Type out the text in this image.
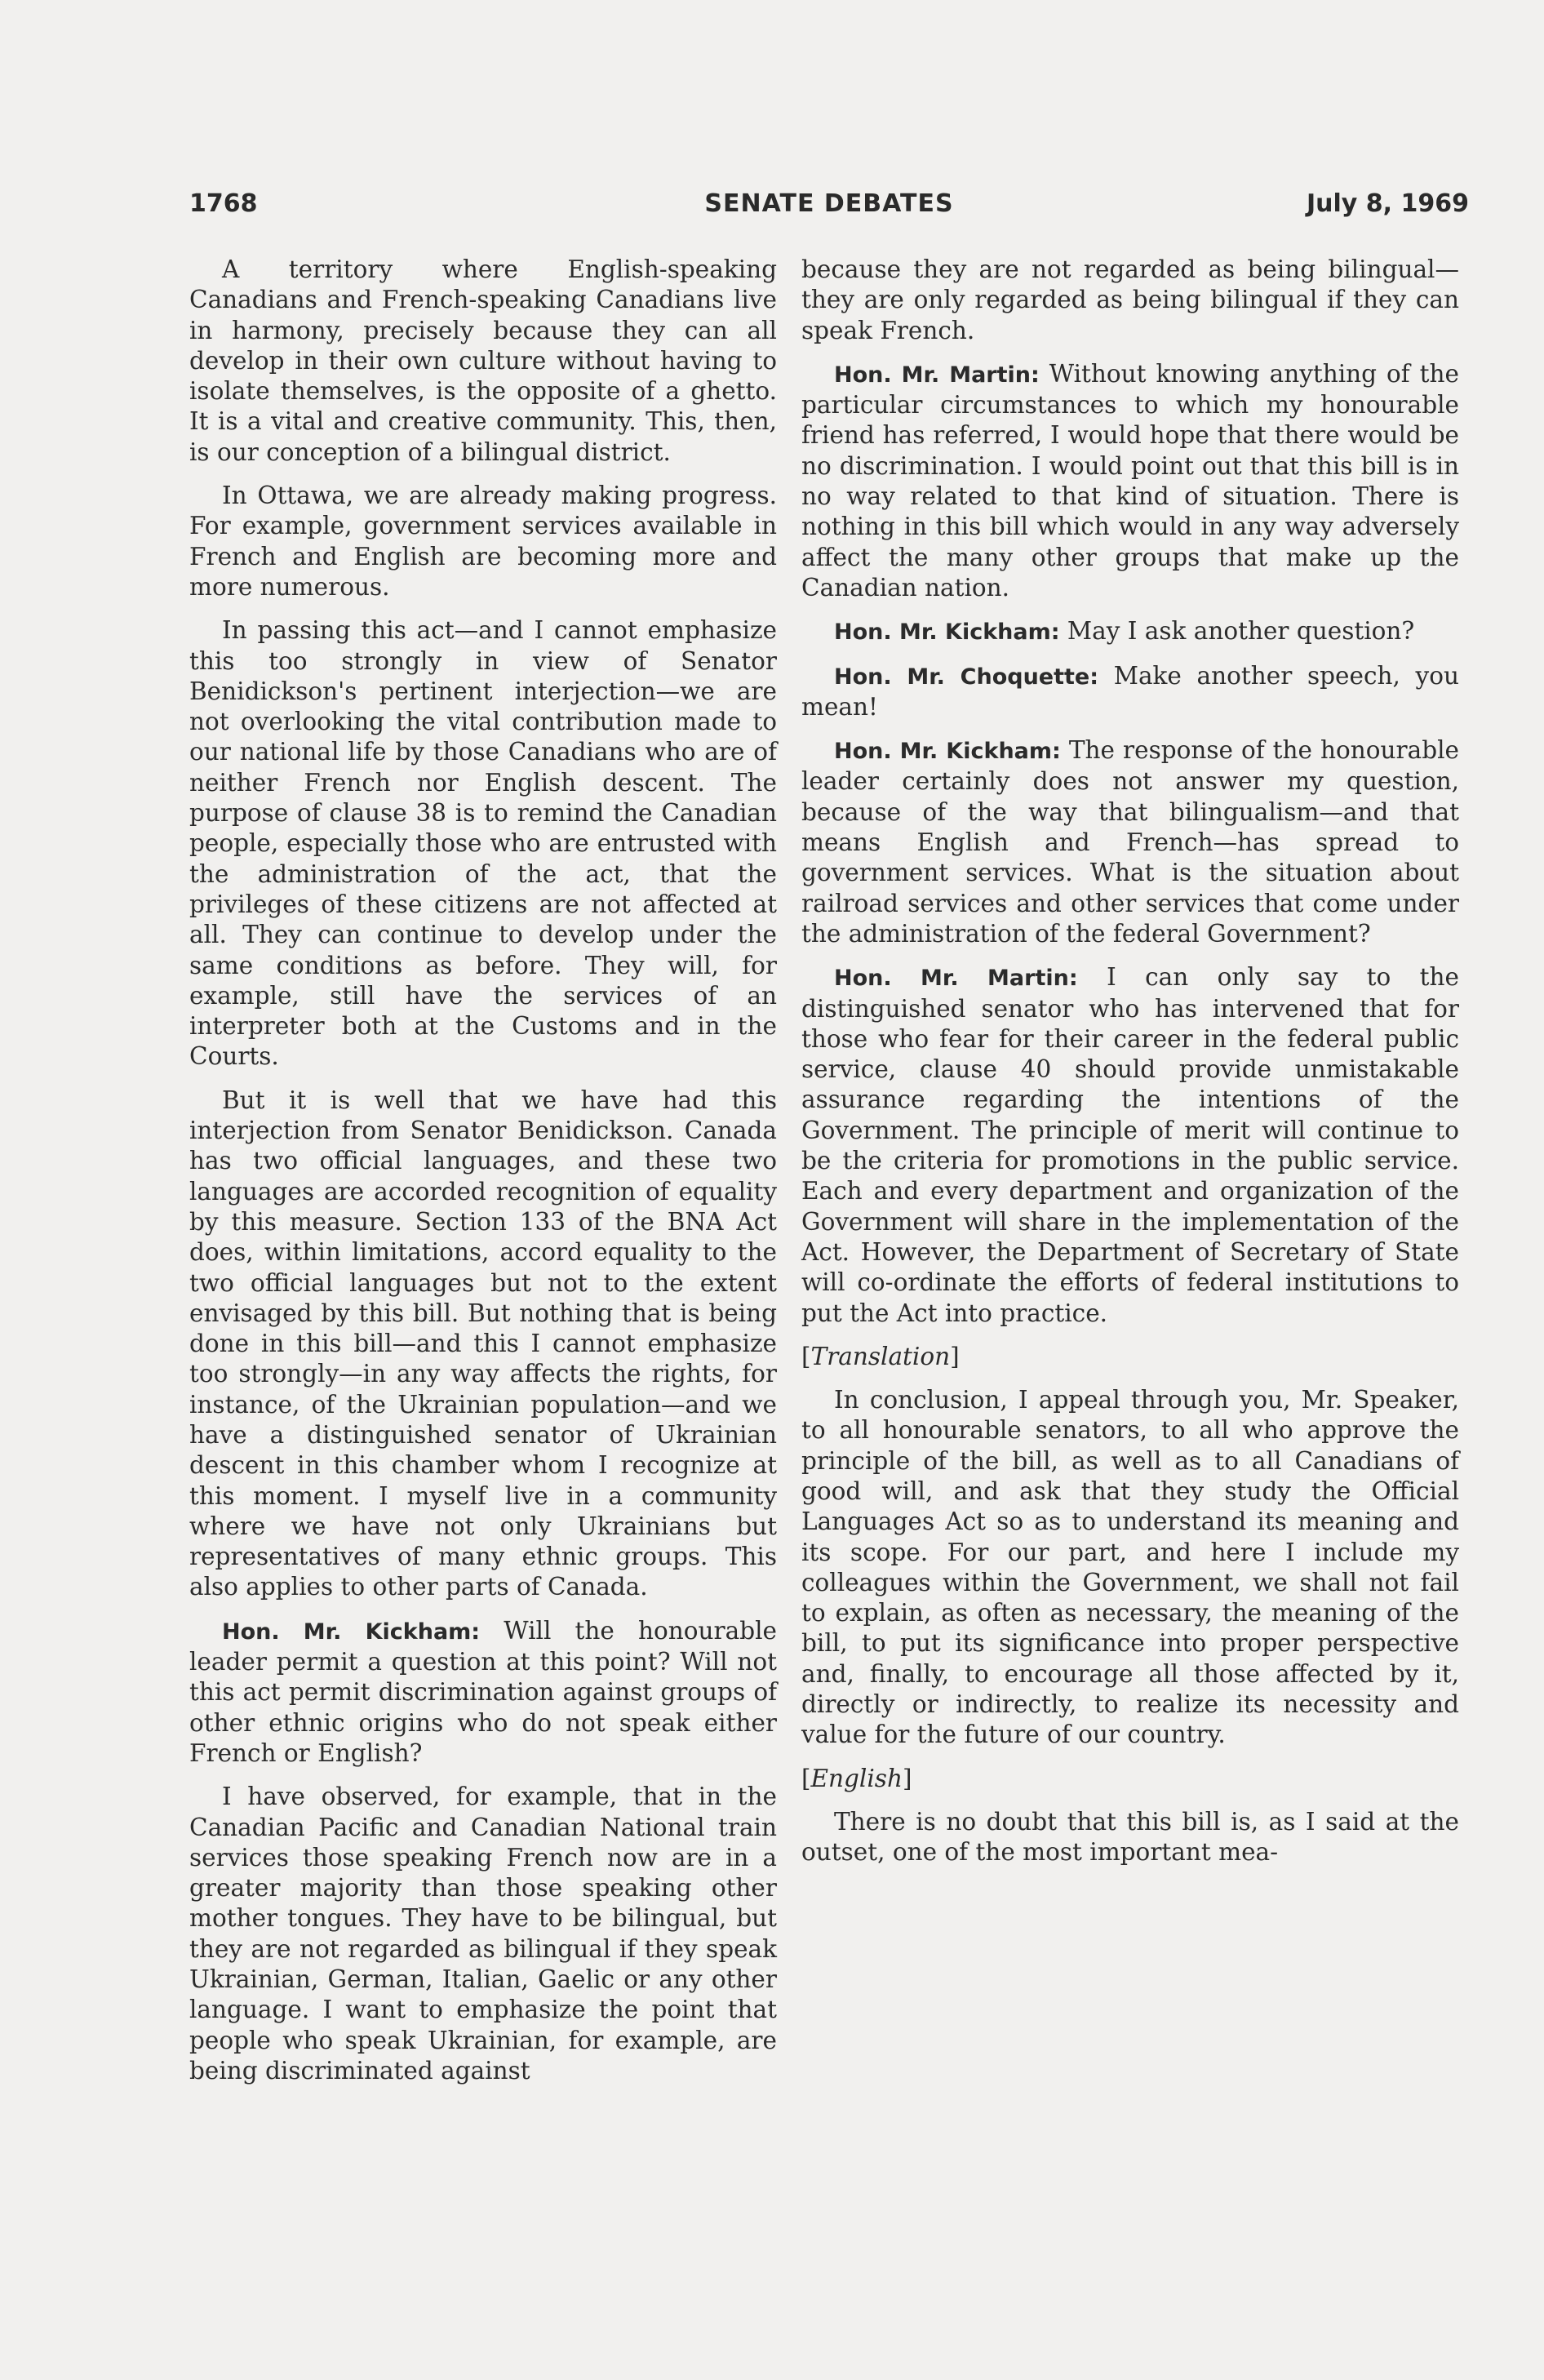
1768	SENATE DEBATES	July 8, 1969

A territory where English-speaking Canadians and French-speaking Canadians live in harmony, precisely because they can all develop in their own culture without having to isolate themselves, is the opposite of a ghetto. It is a vital and creative community. This, then, is our conception of a bilingual district.

In Ottawa, we are already making progress. For example, government services available in French and English are becoming more and more numerous.

In passing this act—and I cannot emphasize this too strongly in view of Senator Benidickson's pertinent interjection—we are not overlooking the vital contribution made to our national life by those Canadians who are of neither French nor English descent. The purpose of clause 38 is to remind the Canadian people, especially those who are entrusted with the administration of the act, that the privileges of these citizens are not affected at all. They can continue to develop under the same conditions as before. They will, for example, still have the services of an interpreter both at the Customs and in the Courts.

But it is well that we have had this interjection from Senator Benidickson. Canada has two official languages, and these two languages are accorded recognition of equality by this measure. Section 133 of the BNA Act does, within limitations, accord equality to the two official languages but not to the extent envisaged by this bill. But nothing that is being done in this bill—and this I cannot emphasize too strongly—in any way affects the rights, for instance, of the Ukrainian population—and we have a distinguished senator of Ukrainian descent in this chamber whom I recognize at this moment. I myself live in a community where we have not only Ukrainians but representatives of many ethnic groups. This also applies to other parts of Canada.

Hon. Mr. Kickham: Will the honourable leader permit a question at this point? Will not this act permit discrimination against groups of other ethnic origins who do not speak either French or English?

I have observed, for example, that in the Canadian Pacific and Canadian National train services those speaking French now are in a greater majority than those speaking other mother tongues. They have to be bilingual, but they are not regarded as bilingual if they speak Ukrainian, German, Italian, Gaelic or any other language. I want to emphasize the point that people who speak Ukrainian, for example, are being discriminated against

because they are not regarded as being bilingual—they are only regarded as being bilingual if they can speak French.

Hon. Mr. Martin: Without knowing anything of the particular circumstances to which my honourable friend has referred, I would hope that there would be no discrimination. I would point out that this bill is in no way related to that kind of situation. There is nothing in this bill which would in any way adversely affect the many other groups that make up the Canadian nation.

Hon. Mr. Kickham: May I ask another question?

Hon. Mr. Choquette: Make another speech, you mean!

Hon. Mr. Kickham: The response of the honourable leader certainly does not answer my question, because of the way that bilingualism—and that means English and French—has spread to government services. What is the situation about railroad services and other services that come under the administration of the federal Government?

Hon. Mr. Martin: I can only say to the distinguished senator who has intervened that for those who fear for their career in the federal public service, clause 40 should provide unmistakable assurance regarding the intentions of the Government. The principle of merit will continue to be the criteria for promotions in the public service. Each and every department and organization of the Government will share in the implementation of the Act. However, the Department of Secretary of State will co-ordinate the efforts of federal institutions to put the Act into practice.

[Translation]

In conclusion, I appeal through you, Mr. Speaker, to all honourable senators, to all who approve the principle of the bill, as well as to all Canadians of good will, and ask that they study the Official Languages Act so as to understand its meaning and its scope. For our part, and here I include my colleagues within the Government, we shall not fail to explain, as often as necessary, the meaning of the bill, to put its significance into proper perspective and, finally, to encourage all those affected by it, directly or indirectly, to realize its necessity and value for the future of our country.

[English]

There is no doubt that this bill is, as I said at the outset, one of the most important mea-
